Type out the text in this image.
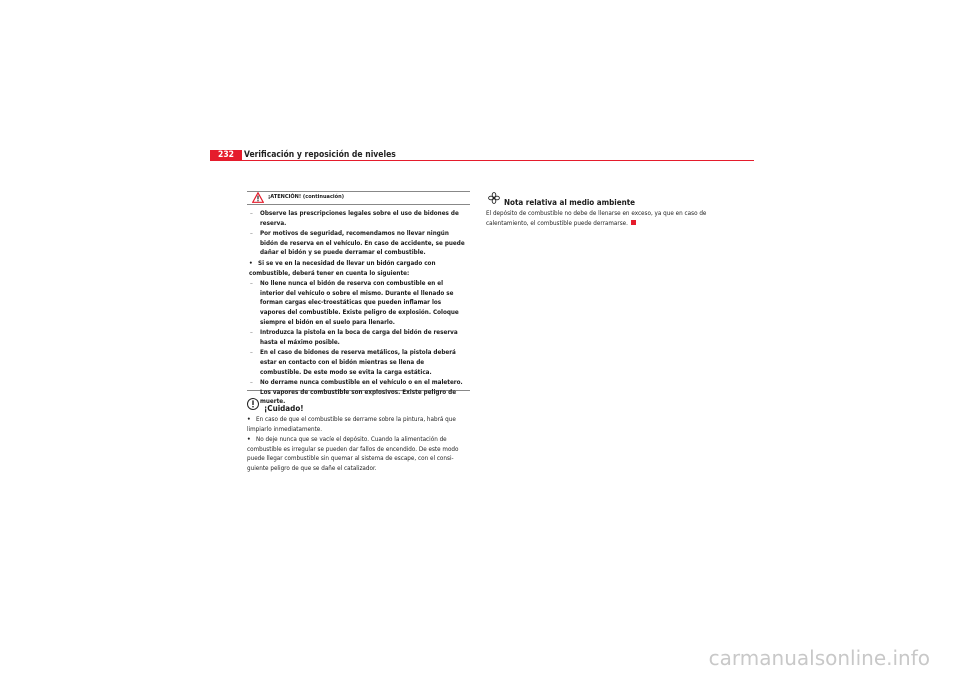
232	Verificación y reposición de niveles
¡ATENCIÓN! (continuación)
– Observe las prescripciones legales sobre el uso de bidones de reserva.
– Por motivos de seguridad, recomendamos no llevar ningún bidón de reserva en el vehículo. En caso de accidente, se puede dañar el bidón y se puede derramar el combustible.
• Si se ve en la necesidad de llevar un bidón cargado con combustible, deberá tener en cuenta lo siguiente:
– No llene nunca el bidón de reserva con combustible en el interior del vehículo o sobre el mismo. Durante el llenado se forman cargas elec-troestáticas que pueden inflamar los vapores del combustible. Existe peligro de explosión. Coloque siempre el bidón en el suelo para llenarlo.
– Introduzca la pistola en la boca de carga del bidón de reserva hasta el máximo posible.
– En el caso de bidones de reserva metálicos, la pistola deberá estar en contacto con el bidón mientras se llena de combustible. De este modo se evita la carga estática.
– No derrame nunca combustible en el vehículo o en el maletero. Los vapores de combustible son explosivos. Existe peligro de muerte.
¡Cuidado!

• En caso de que el combustible se derrame sobre la pintura, habrá que limpiarlo inmediatamente.

• No deje nunca que se vacíe el depósito. Cuando la alimentación de combustible es irregular se pueden dar fallos de encendido. De este modo puede llegar combustible sin quemar al sistema de escape, con el consi-guiente peligro de que se dañe el catalizador.

Nota relativa al medio ambiente
El depósito de combustible no debe de llenarse en exceso, ya que en caso de calentamiento, el combustible puede derramarse.
carmanualsonline.info
